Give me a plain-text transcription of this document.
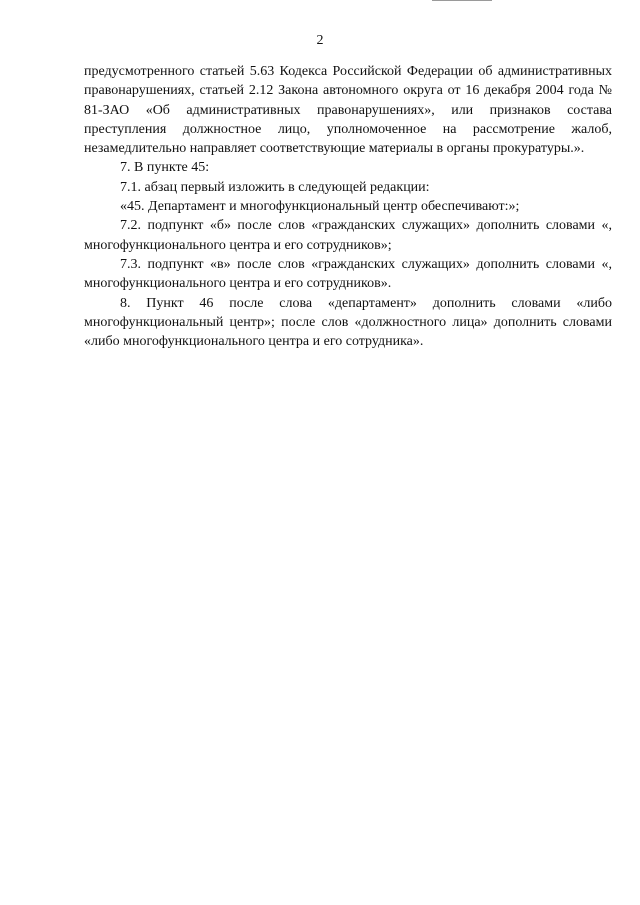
2

предусмотренного статьей 5.63 Кодекса Российской Федерации об административных правонарушениях, статьей 2.12 Закона автономного округа от 16 декабря 2004 года № 81-ЗАО «Об административных правонарушениях», или признаков состава преступления должностное лицо, уполномоченное на рассмотрение жалоб, незамедлительно направляет соответствующие материалы в органы прокуратуры.».

7. В пункте 45:

7.1. абзац первый изложить в следующей редакции:

«45. Департамент и многофункциональный центр обеспечивают:»;

7.2. подпункт «б» после слов «гражданских служащих» дополнить словами «, многофункционального центра и его сотрудников»;

7.3. подпункт «в» после слов «гражданских служащих» дополнить словами «, многофункционального центра и его сотрудников».

8. Пункт 46 после слова «департамент» дополнить словами «либо многофункциональный центр»; после слов «должностного лица» дополнить словами «либо многофункционального центра и его сотрудника».
